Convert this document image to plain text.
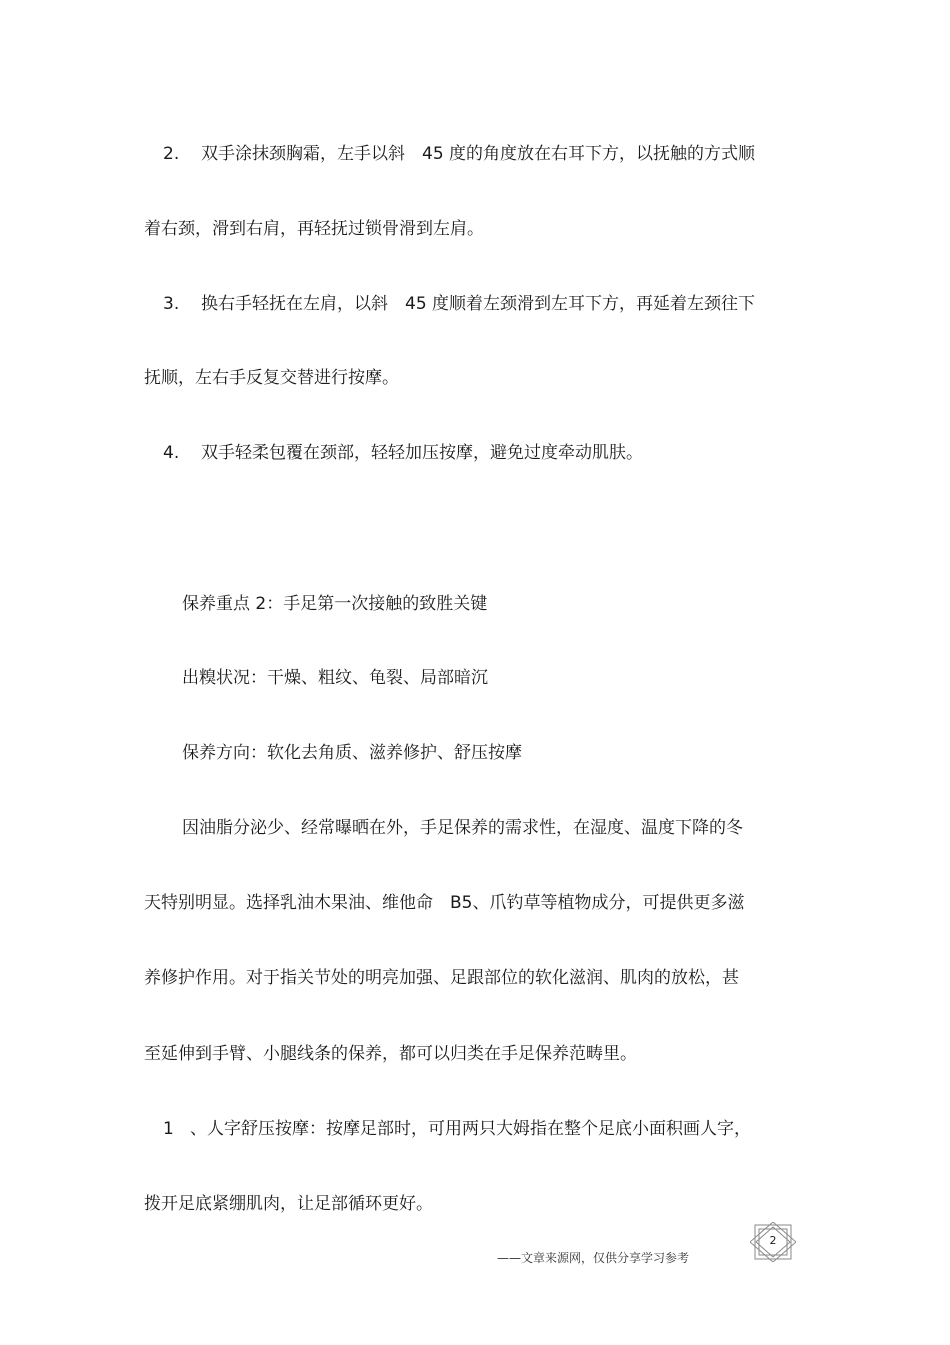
2. 双手涂抹颈胸霜，左手以斜　45 度的角度放在右耳下方，以抚触的方式顺
着右颈，滑到右肩，再轻抚过锁骨滑到左肩。
3. 换右手轻抚在左肩，以斜　45 度顺着左颈滑到左耳下方，再延着左颈往下
抚顺，左右手反复交替进行按摩。
4. 双手轻柔包覆在颈部，轻轻加压按摩，避免过度牵动肌肤。
保养重点 2：手足第一次接触的致胜关键
出糗状况：干燥、粗纹、龟裂、局部暗沉
保养方向：软化去角质、滋养修护、舒压按摩
因油脂分泌少、经常曝晒在外，手足保养的需求性，在湿度、温度下降的冬
天特别明显。选择乳油木果油、维他命　B5、爪钓草等植物成分，可提供更多滋
养修护作用。对于指关节处的明亮加强、足跟部位的软化滋润、肌肉的放松，甚
至延伸到手臂、小腿线条的保养，都可以归类在手足保养范畴里。
1 、人字舒压按摩：按摩足部时，可用两只大姆指在整个足底小面积画人字，
拨开足底紧绷肌肉，让足部循环更好。
——文章来源网，仅供分享学习参考
2
